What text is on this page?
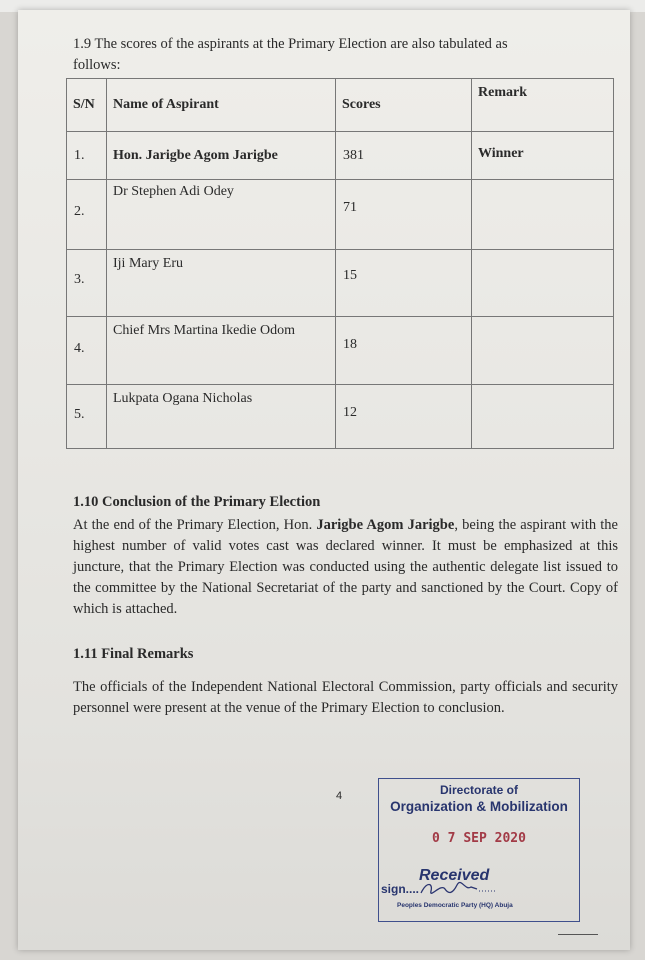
1.9 The scores of the aspirants at the Primary Election are also tabulated as
follows:
S/N	Name of Aspirant	Scores	Remark

1.	Hon. Jarigbe Agom Jarigbe	381	Winner

2.	Dr Stephen Adi Odey	71	

3.	Iji Mary Eru	15	

4.	Chief Mrs Martina Ikedie Odom	18	

5.	Lukpata Ogana Nicholas	12	

1.10 Conclusion of the Primary Election
At the end of the Primary Election, Hon. Jarigbe Agom Jarigbe, being the aspirant with the highest number of valid votes cast was declared winner. It must be emphasized at this juncture, that the Primary Election was conducted using the authentic delegate list issued to the committee by the National Secretariat of the party and sanctioned by the Court. Copy of which is attached.
1.11 Final Remarks
The officials of the Independent National Electoral Commission, party officials and security personnel were present at the venue of the Primary Election to conclusion.
4	Directorate of
Organization & Mobilization
0 7 SEP 2020
Received
sign....
Peoples Democratic Party (HQ) Abuja
